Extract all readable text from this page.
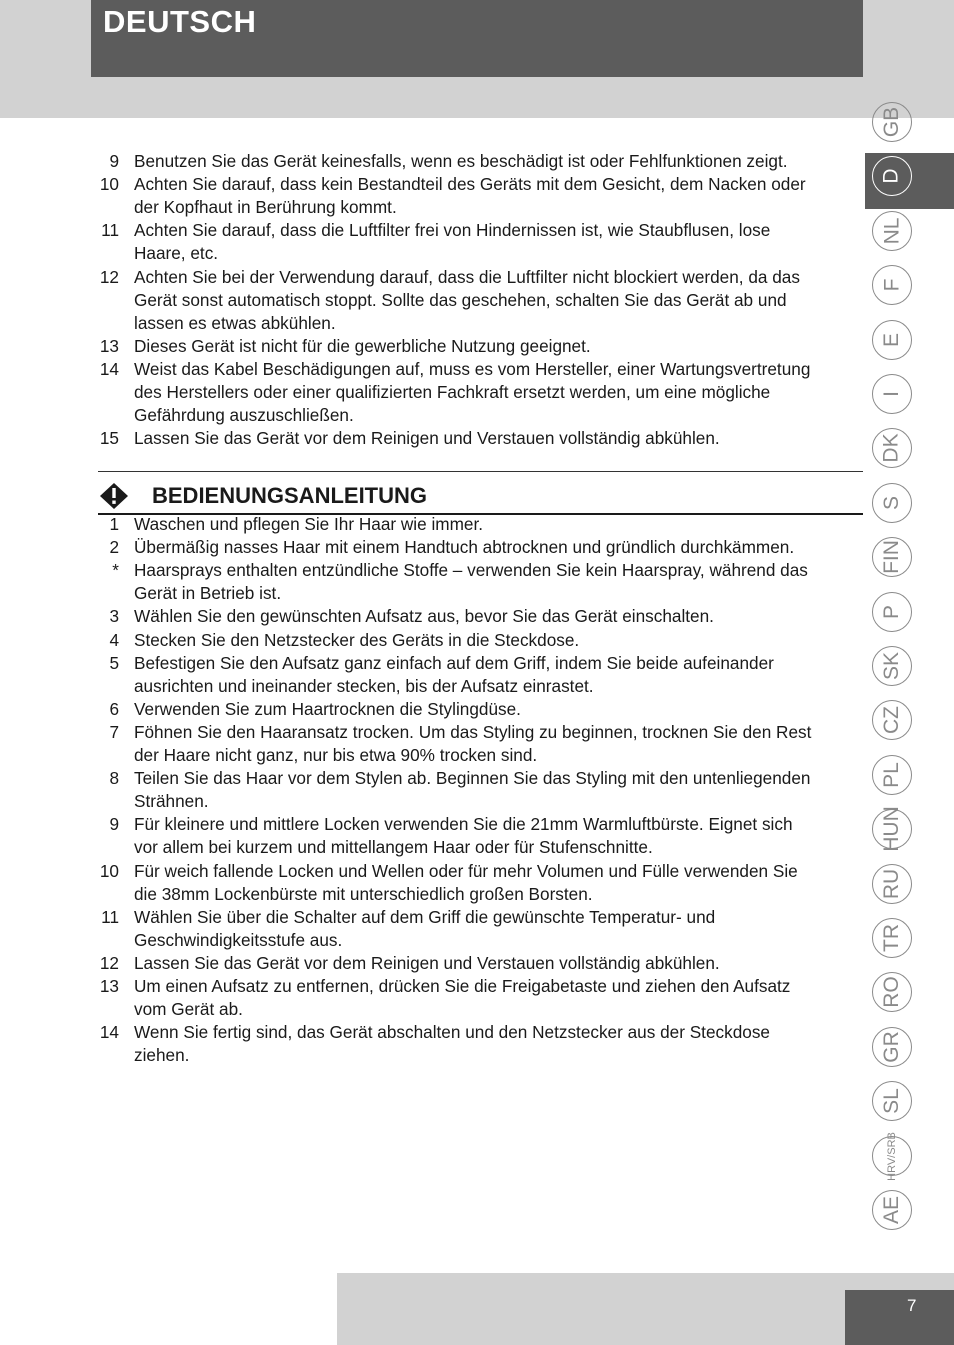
DEUTSCH
GB
D
NL
F
E
I
DK
S
FIN
P
SK
CZ
PL
HUN
RU
TR
RO
GR
SL
HRV/SRB
AE
9 Benutzen Sie das Gerät keinesfalls, wenn es beschädigt ist oder Fehlfunktionen zeigt.
10 Achten Sie darauf, dass kein Bestandteil des Geräts mit dem Gesicht, dem Nacken oder
der Kopfhaut in Berührung kommt.
11 Achten Sie darauf, dass die Luftfilter frei von Hindernissen ist, wie Staubflusen, lose
Haare, etc.
12 Achten Sie bei der Verwendung darauf, dass die Luftfilter nicht blockiert werden, da das
Gerät sonst automatisch stoppt. Sollte das geschehen, schalten Sie das Gerät ab und
lassen es etwas abkühlen.
13 Dieses Gerät ist nicht für die gewerbliche Nutzung geeignet.
14 Weist das Kabel Beschädigungen auf, muss es vom Hersteller, einer Wartungsvertretung
des Herstellers oder einer qualifizierten Fachkraft ersetzt werden, um eine mögliche
Gefährdung auszuschließen.
15 Lassen Sie das Gerät vor dem Reinigen und Verstauen vollständig abkühlen.
BEDIENUNGSANLEITUNG
1 Waschen und pflegen Sie Ihr Haar wie immer.
2 Übermäßig nasses Haar mit einem Handtuch abtrocknen und gründlich durchkämmen.
* Haarsprays enthalten entzündliche Stoffe – verwenden Sie kein Haarspray, während das
Gerät in Betrieb ist.
3 Wählen Sie den gewünschten Aufsatz aus, bevor Sie das Gerät einschalten.
4 Stecken Sie den Netzstecker des Geräts in die Steckdose.
5 Befestigen Sie den Aufsatz ganz einfach auf dem Griff, indem Sie beide aufeinander
ausrichten und ineinander stecken, bis der Aufsatz einrastet.
6 Verwenden Sie zum Haartrocknen die Stylingdüse.
7 Föhnen Sie den Haaransatz trocken. Um das Styling zu beginnen, trocknen Sie den Rest
der Haare nicht ganz, nur bis etwa 90% trocken sind.
8 Teilen Sie das Haar vor dem Stylen ab. Beginnen Sie das Styling mit den untenliegenden
Strähnen.
9 Für kleinere und mittlere Locken verwenden Sie die 21mm Warmluftbürste. Eignet sich
vor allem bei kurzem und mittellangem Haar oder für Stufenschnitte.
10 Für weich fallende Locken und Wellen oder für mehr Volumen und Fülle verwenden Sie
die 38mm Lockenbürste mit unterschiedlich großen Borsten.
11 Wählen Sie über die Schalter auf dem Griff die gewünschte Temperatur- und
Geschwindigkeitsstufe aus.
12 Lassen Sie das Gerät vor dem Reinigen und Verstauen vollständig abkühlen.
13 Um einen Aufsatz zu entfernen, drücken Sie die Freigabetaste und ziehen den Aufsatz
vom Gerät ab.
14 Wenn Sie fertig sind, das Gerät abschalten und den Netzstecker aus der Steckdose
ziehen.
7
